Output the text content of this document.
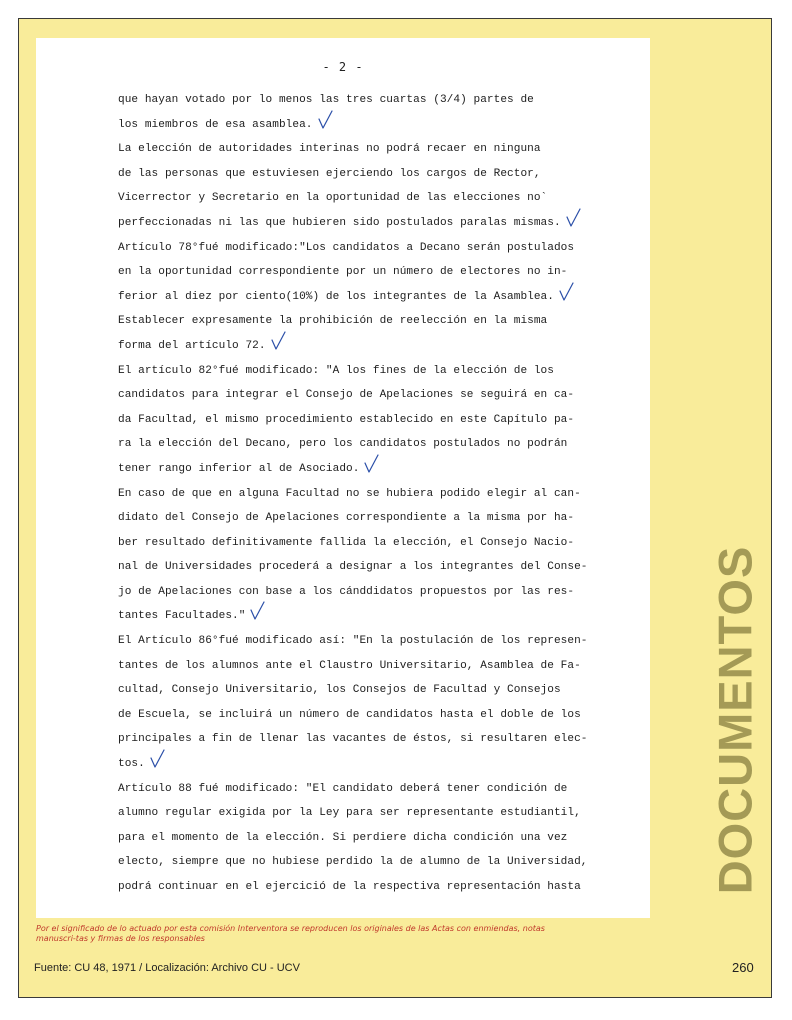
- 2 -
que hayan votado por lo menos las tres cuartas (3/4) partes de
los miembros de esa asamblea.
La elección de autoridades interinas no podrá recaer en ninguna
de las personas que estuviesen ejerciendo los cargos de Rector,
Vicerrector y Secretario en la oportunidad de las elecciones no`
perfeccionadas ni las que hubieren sido postulados paralas mismas.
Artículo 78°fué modificado:"Los candidatos a Decano serán postulados
en la oportunidad correspondiente por un número de electores no in-
ferior al diez por ciento(10%) de los integrantes de la Asamblea.
Establecer expresamente la prohibición de reelección en la misma
forma del artículo 72.
El artículo 82°fué modificado: "A los fines de la elección de los
candidatos para integrar el Consejo de Apelaciones se seguirá en ca-
da Facultad, el mismo procedimiento establecido en este Capítulo pa-
ra la elección del Decano, pero los candidatos postulados no podrán
tener rango inferior al de Asociado.
En caso de que en alguna Facultad no se hubiera podido elegir al can-
didato del Consejo de Apelaciones correspondiente a la misma por ha-
ber resultado definitivamente fallida la elección, el Consejo Nacio-
nal de Universidades procederá a designar a los integrantes del Conse-
jo de Apelaciones con base a los cánddidatos propuestos por las res-
tantes Facultades."
El Artículo 86°fué modificado así: "En la postulación de los represen-
tantes de los alumnos ante el Claustro Universitario, Asamblea de Fa-
cultad, Consejo Universitario, los Consejos de Facultad y Consejos
de Escuela, se incluirá un número de candidatos hasta el doble de los
principales a fin de llenar las vacantes de éstos, si resultaren elec-
tos.
Artículo 88 fué modificado: "El candidato deberá tener condición de
alumno regular exigida por la Ley para ser representante estudiantil,
para el momento de la elección. Si perdiere dicha condición una vez
electo, siempre que no hubiese perdido la de alumno de la Universidad,
podrá continuar en el ejercició de la respectiva representación hasta	DOCUMENTOS
Por el significado de lo actuado por esta comisión Interventora se reproducen los originales de las Actas con enmiendas, notas manuscri-tas y firmas de los responsables
Fuente: CU 48, 1971 / Localización: Archivo CU - UCV	260
